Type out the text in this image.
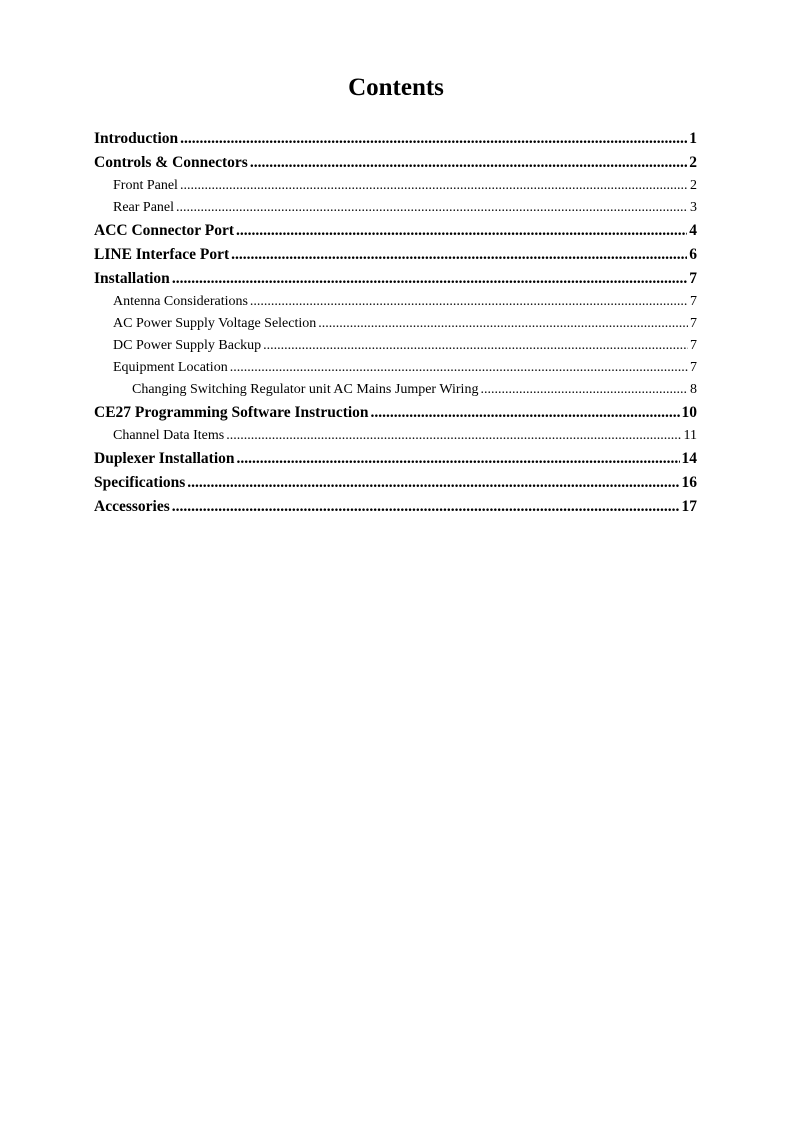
Contents
Introduction .....	1
Controls & Connectors .....	2
Front Panel .....	2
Rear Panel .....	3
ACC Connector Port .....	4
LINE Interface Port .....	6
Installation .....	7
Antenna Considerations .....	7
AC Power Supply Voltage Selection .....	7
DC Power Supply Backup .....	7
Equipment Location .....	7
Changing Switching Regulator unit AC Mains Jumper Wiring .....	8
CE27 Programming Software Instruction .....	10
Channel Data Items .....	11
Duplexer Installation .....	14
Specifications .....	16
Accessories .....	17
